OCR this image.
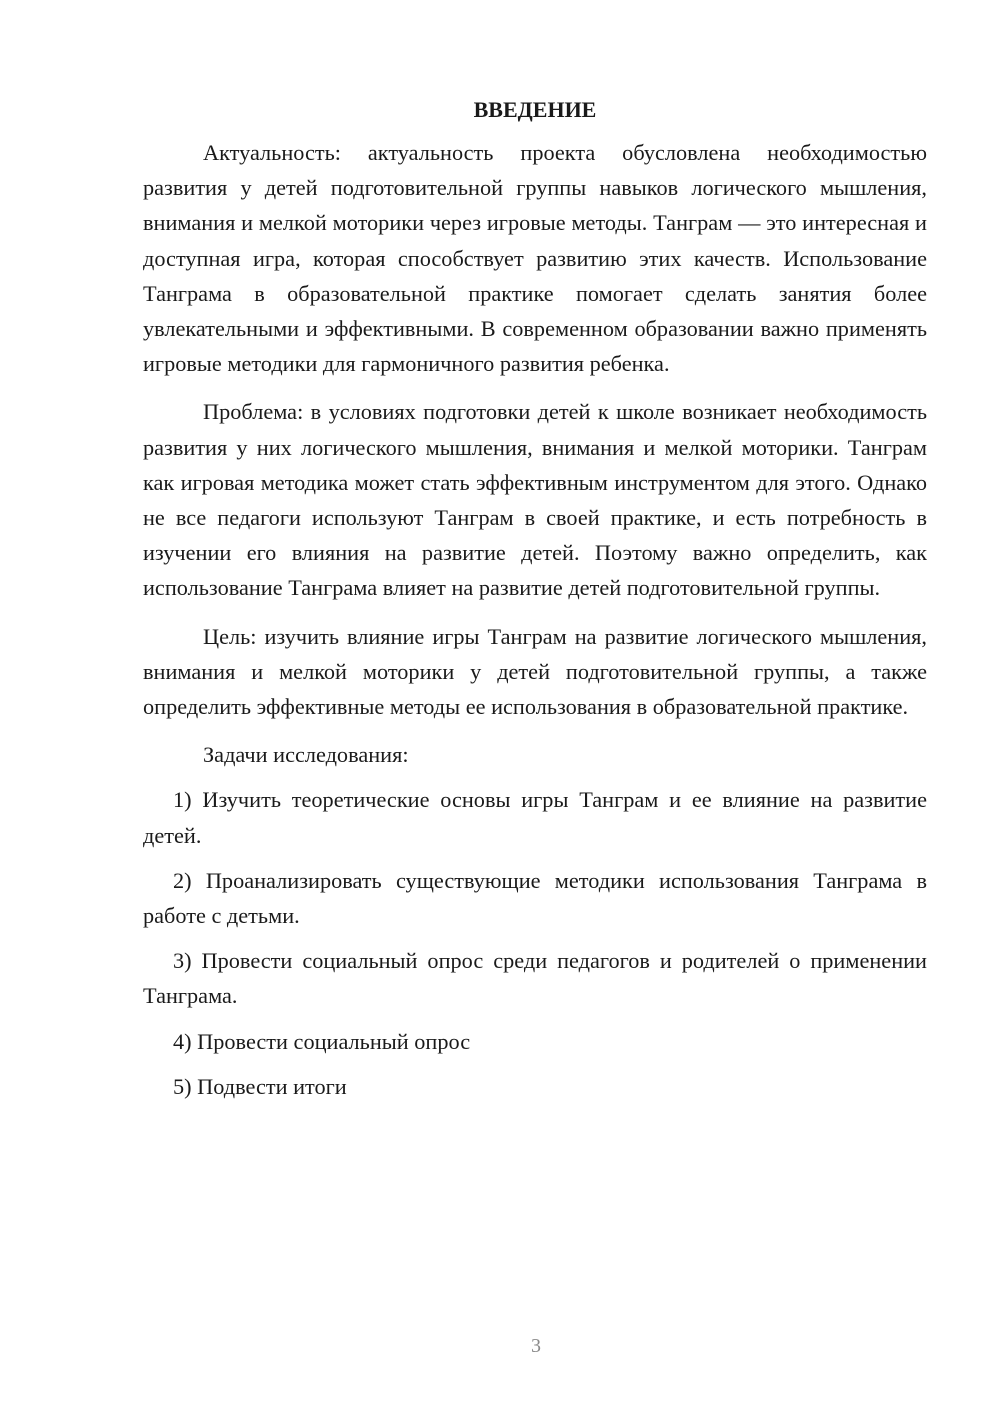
ВВЕДЕНИЕ

Актуальность: актуальность проекта обусловлена необходимостью развития у детей подготовительной группы навыков логического мышления, внимания и мелкой моторики через игровые методы. Танграм — это интересная и доступная игра, которая способствует развитию этих качеств. Использование Танграма в образовательной практике помогает сделать занятия более увлекательными и эффективными. В современном образовании важно применять игровые методики для гармоничного развития ребенка.

Проблема: в условиях подготовки детей к школе возникает необходимость развития у них логического мышления, внимания и мелкой моторики. Танграм как игровая методика может стать эффективным инструментом для этого. Однако не все педагоги используют Танграм в своей практике, и есть потребность в изучении его влияния на развитие детей. Поэтому важно определить, как использование Танграма влияет на развитие детей подготовительной группы.

Цель: изучить влияние игры Танграм на развитие логического мышления, внимания и мелкой моторики у детей подготовительной группы, а также определить эффективные методы ее использования в образовательной практике.

Задачи исследования:

1) Изучить теоретические основы игры Танграм и ее влияние на развитие детей.

2) Проанализировать существующие методики использования Танграма в работе с детьми.

3) Провести социальный опрос среди педагогов и родителей о применении Танграма.

4) Провести социальный опрос

5) Подвести итоги

3
